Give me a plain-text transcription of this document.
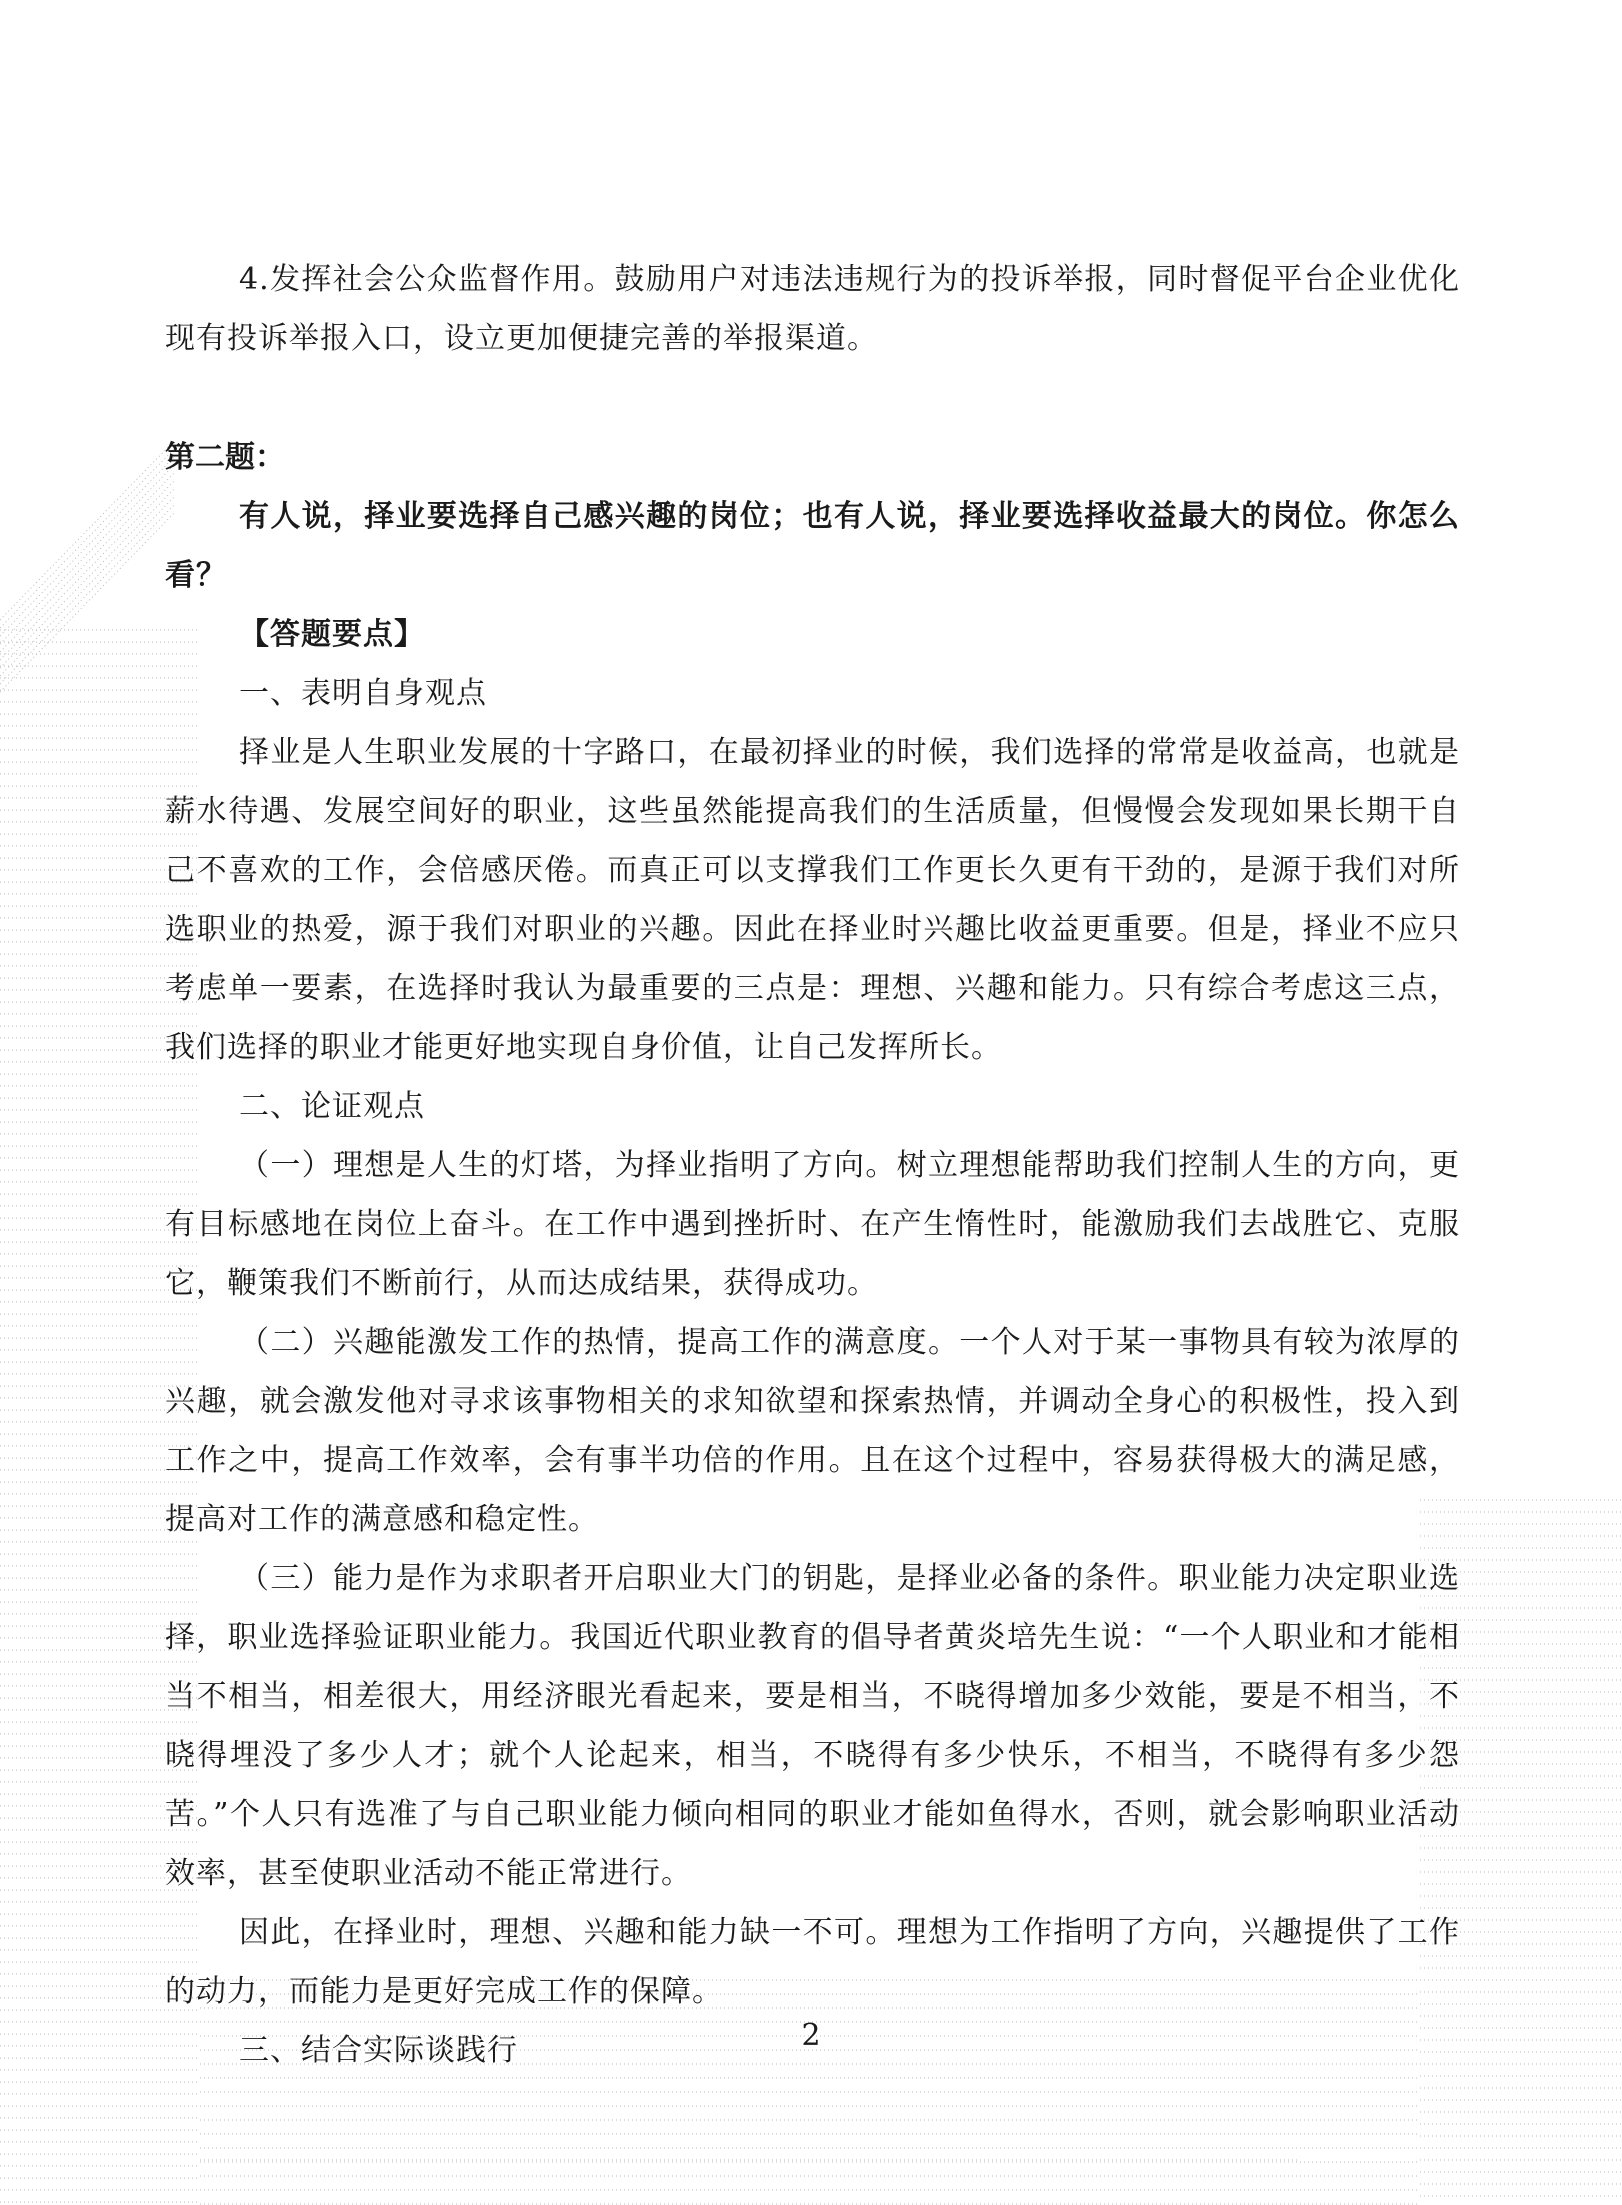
4.发挥社会公众监督作用。鼓励用户对违法违规行为的投诉举报，同时督促平台企业优化现有投诉举报入口，设立更加便捷完善的举报渠道。

第二题：

有人说，择业要选择自己感兴趣的岗位；也有人说，择业要选择收益最大的岗位。你怎么看？

【答题要点】

一、表明自身观点

择业是人生职业发展的十字路口，在最初择业的时候，我们选择的常常是收益高，也就是薪水待遇、发展空间好的职业，这些虽然能提高我们的生活质量，但慢慢会发现如果长期干自己不喜欢的工作，会倍感厌倦。而真正可以支撑我们工作更长久更有干劲的，是源于我们对所选职业的热爱，源于我们对职业的兴趣。因此在择业时兴趣比收益更重要。但是，择业不应只考虑单一要素，在选择时我认为最重要的三点是：理想、兴趣和能力。只有综合考虑这三点，我们选择的职业才能更好地实现自身价值，让自己发挥所长。

二、论证观点

（一）理想是人生的灯塔，为择业指明了方向。树立理想能帮助我们控制人生的方向，更有目标感地在岗位上奋斗。在工作中遇到挫折时、在产生惰性时，能激励我们去战胜它、克服它，鞭策我们不断前行，从而达成结果，获得成功。

（二）兴趣能激发工作的热情，提高工作的满意度。一个人对于某一事物具有较为浓厚的兴趣，就会激发他对寻求该事物相关的求知欲望和探索热情，并调动全身心的积极性，投入到工作之中，提高工作效率，会有事半功倍的作用。且在这个过程中，容易获得极大的满足感，提高对工作的满意感和稳定性。

（三）能力是作为求职者开启职业大门的钥匙，是择业必备的条件。职业能力决定职业选择，职业选择验证职业能力。我国近代职业教育的倡导者黄炎培先生说：“一个人职业和才能相当不相当，相差很大，用经济眼光看起来，要是相当，不晓得增加多少效能，要是不相当，不晓得埋没了多少人才；就个人论起来，相当，不晓得有多少快乐，不相当，不晓得有多少怨苦。”个人只有选准了与自己职业能力倾向相同的职业才能如鱼得水，否则，就会影响职业活动效率，甚至使职业活动不能正常进行。

因此，在择业时，理想、兴趣和能力缺一不可。理想为工作指明了方向，兴趣提供了工作的动力，而能力是更好完成工作的保障。

三、结合实际谈践行	2
